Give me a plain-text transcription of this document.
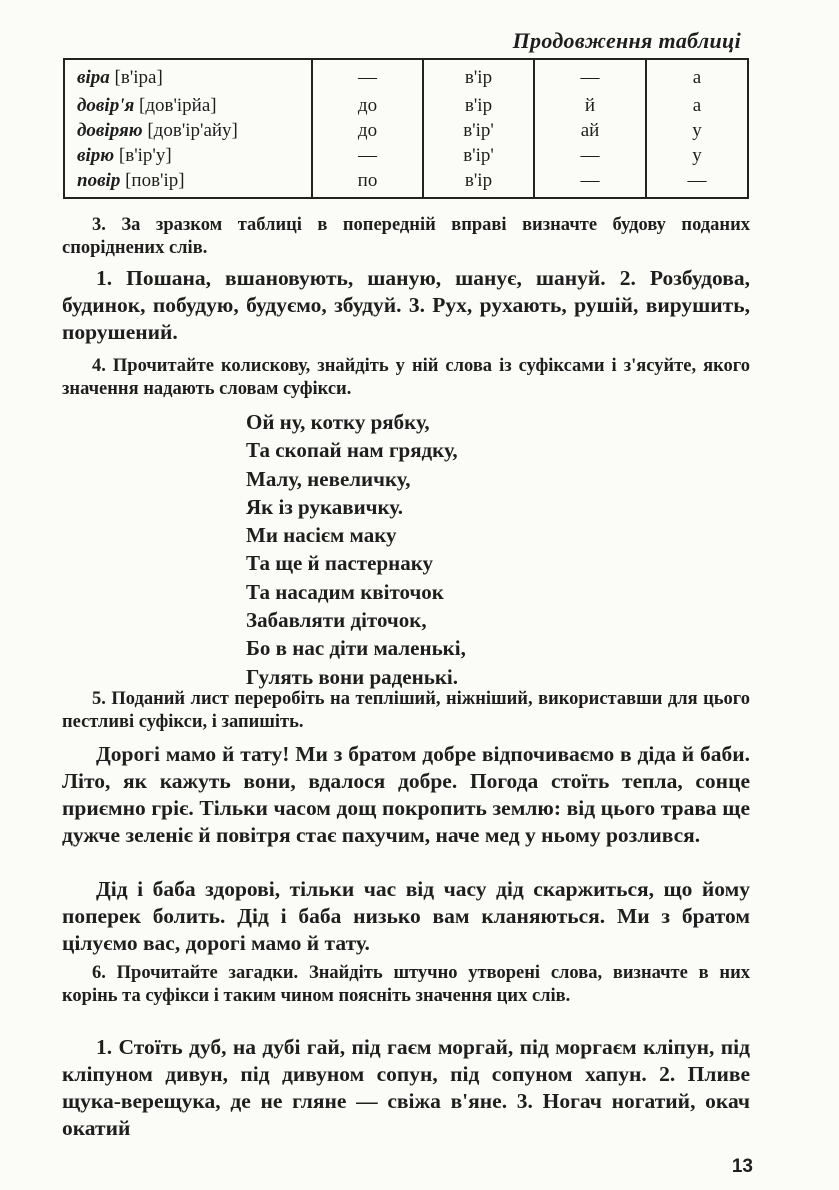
Продовження таблиці
віра [в'іра]	—	в'ір	—	а
довір'я [дов'ірйа]	до	в'ір	й	а
довіряю [дов'ір'айу]	до	в'ір'	ай	у
вірю [в'ір'у]	—	в'ір'	—	у
повір [пов'ір]	по	в'ір	—	—
3. За зразком таблиці в попередній вправі визначте будову поданих споріднених слів.
1. Пошана, вшановують, шаную, шанує, шануй. 2. Розбудова, будинок, побудую, будуємо, збудуй. 3. Рух, рухають, рушій, вирушить, порушений.
4. Прочитайте колискову, знайдіть у ній слова із суфіксами і з'ясуйте, якого значення надають словам суфікси.
Ой ну, котку рябку,
Та скопай нам грядку,
Малу, невеличку,
Як із рукавичку.
Ми насієм маку
Та ще й пастернаку
Та насадим квіточок
Забавляти діточок,
Бо в нас діти маленькі,
Гулять вони раденькі.
5. Поданий лист переробіть на тепліший, ніжніший, використавши для цього пестливі суфікси, і запишіть.
Дорогі мамо й тату! Ми з братом добре відпочиваємо в діда й баби. Літо, як кажуть вони, вдалося добре. Погода стоїть тепла, сонце приємно гріє. Тільки часом дощ покропить землю: від цього трава ще дужче зеленіє й повітря стає пахучим, наче мед у ньому розлився.
Дід і баба здорові, тільки час від часу дід скаржиться, що йому поперек болить. Дід і баба низько вам кланяються. Ми з братом цілуємо вас, дорогі мамо й тату.
6. Прочитайте загадки. Знайдіть штучно утворені слова, визначте в них корінь та суфікси і таким чином поясніть значення цих слів.
1. Стоїть дуб, на дубі гай, під гаєм моргай, під моргаєм кліпун, під кліпуном дивун, під дивуном сопун, під сопуном хапун. 2. Пливе щука-верещука, де не гляне — свіжа в'яне. 3. Ногач ногатий, окач окатий
13
